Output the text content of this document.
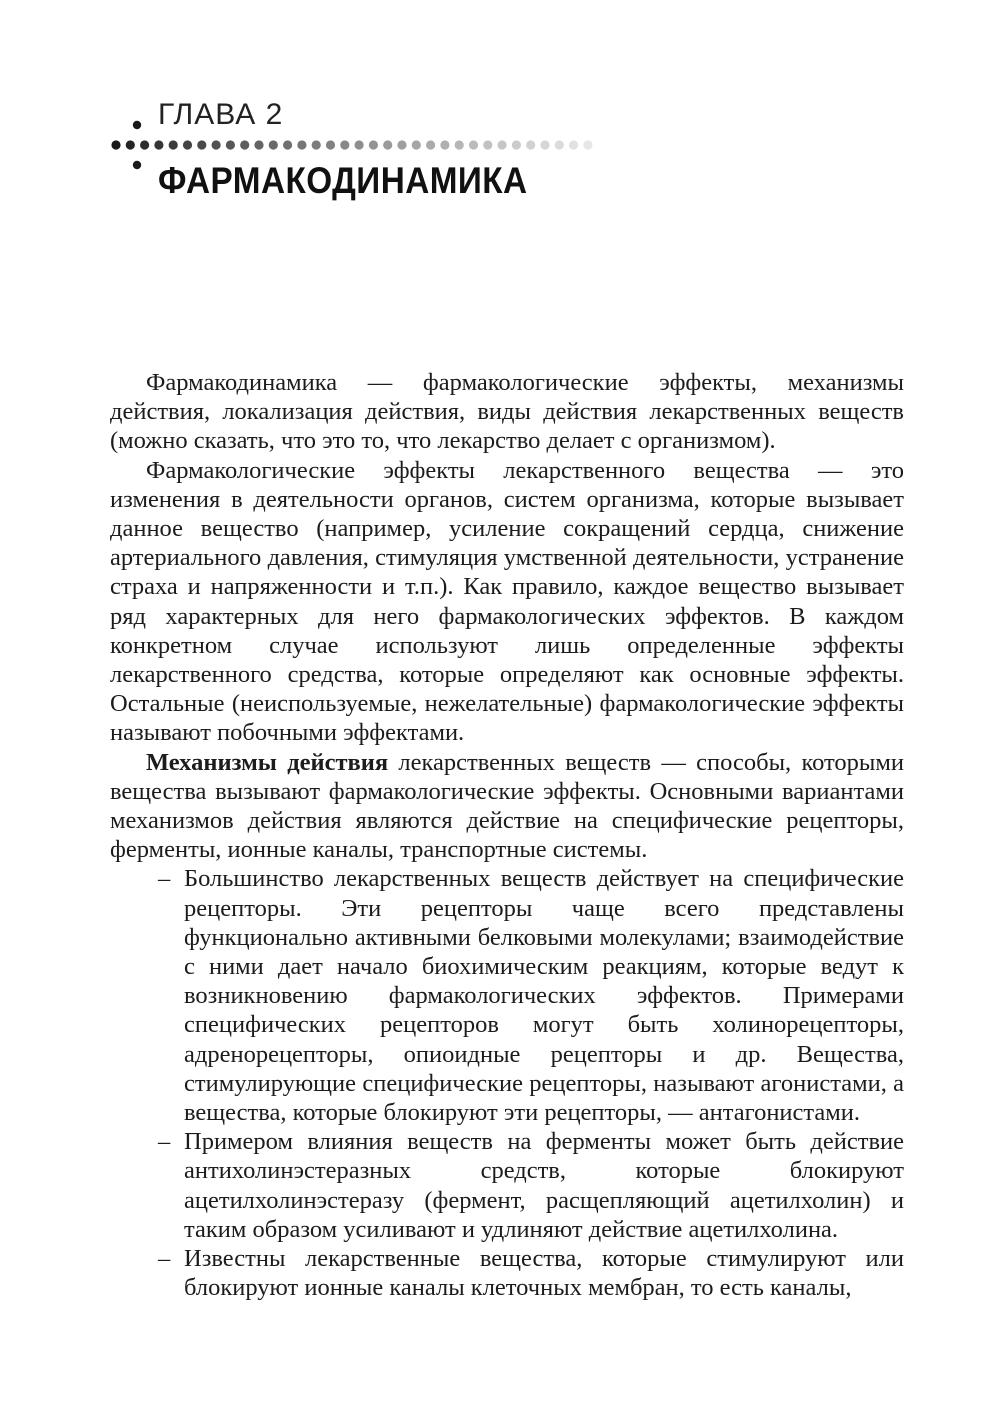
ГЛАВА 2
ФАРМАКОДИНАМИКА

Фармакодинамика — фармакологические эффекты, механизмы действия, локализация действия, виды действия лекарственных веществ (можно сказать, что это то, что лекарство делает с организмом).

Фармакологические эффекты лекарственного вещества — это изменения в деятельности органов, систем организма, которые вызывает данное вещество (например, усиление сокращений сердца, снижение артериального давления, стимуляция умственной деятельности, устранение страха и напряженности и т.п.). Как правило, каждое вещество вызывает ряд характерных для него фармакологических эффектов. В каждом конкретном случае используют лишь определенные эффекты лекарственного средства, которые определяют как основные эффекты. Остальные (неиспользуемые, нежелательные) фармакологические эффекты называют побочными эффектами.

Механизмы действия лекарственных веществ — способы, которыми вещества вызывают фармакологические эффекты. Основными вариантами механизмов действия являются действие на специфические рецепторы, ферменты, ионные каналы, транспортные системы.

– Большинство лекарственных веществ действует на специфические рецепторы. Эти рецепторы чаще всего представлены функционально активными белковыми молекулами; взаимодействие с ними дает начало биохимическим реакциям, которые ведут к возникновению фармакологических эффектов. Примерами специфических рецепторов могут быть холинорецепторы, адренорецепторы, опиоидные рецепторы и др. Вещества, стимулирующие специфические рецепторы, называют агонистами, а вещества, которые блокируют эти рецепторы, — антагонистами.
– Примером влияния веществ на ферменты может быть действие антихолинэстеразных средств, которые блокируют ацетилхолинэстеразу (фермент, расщепляющий ацетилхолин) и таким образом усиливают и удлиняют действие ацетилхолина.
– Известны лекарственные вещества, которые стимулируют или блокируют ионные каналы клеточных мембран, то есть каналы,
